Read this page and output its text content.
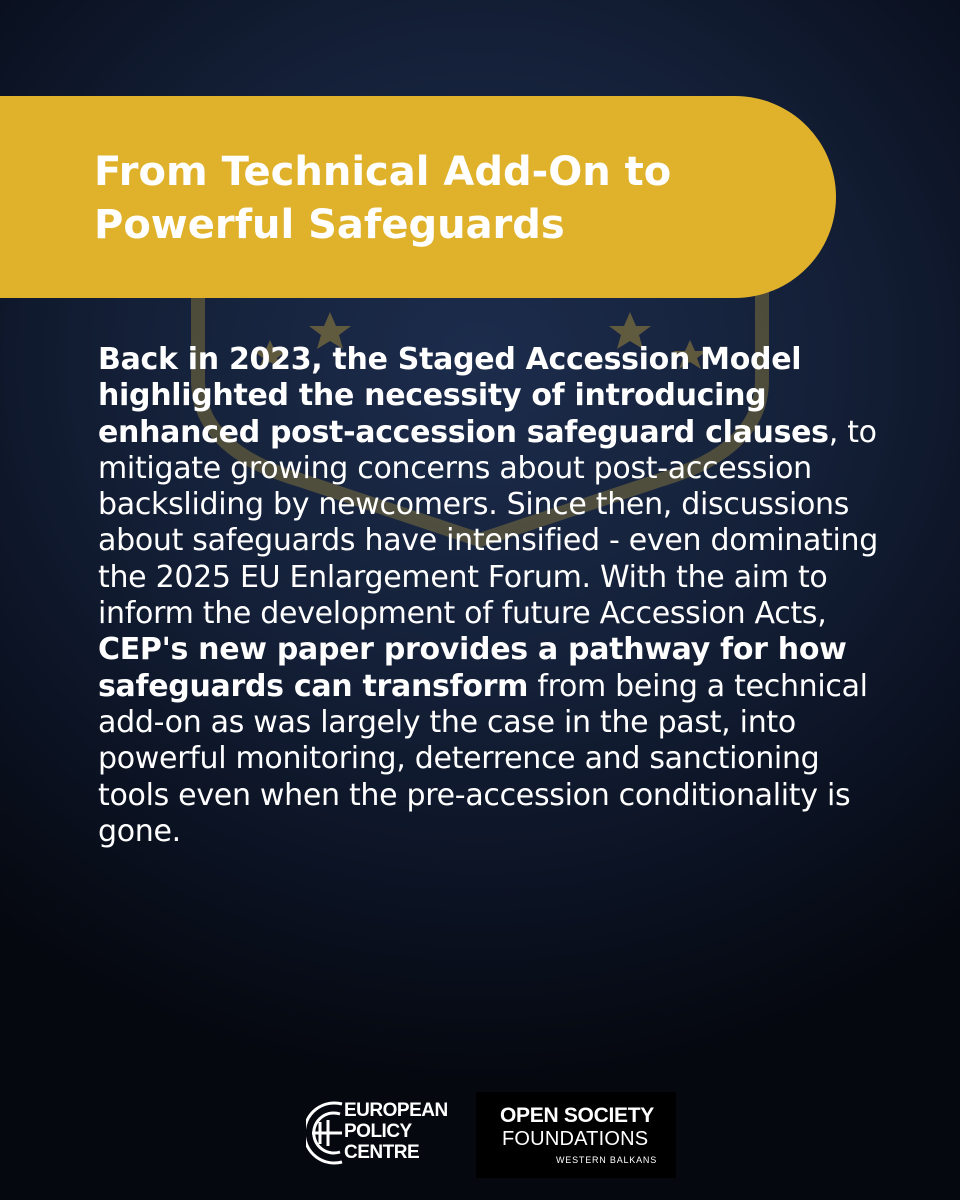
From Technical Add-On to
Powerful Safeguards

Back in 2023, the Staged Accession Model highlighted the necessity of introducing enhanced post-accession safeguard clauses, to mitigate growing concerns about post-accession backsliding by newcomers. Since then, discussions about safeguards have intensified - even dominating the 2025 EU Enlargement Forum. With the aim to inform the development of future Accession Acts, CEP's new paper provides a pathway for how safeguards can transform from being a technical add-on as was largely the case in the past, into powerful monitoring, deterrence and sanctioning tools even when the pre-accession conditionality is gone.

EUROPEAN
POLICY
CENTRE
OPEN SOCIETY
FOUNDATIONS
WESTERN BALKANS
